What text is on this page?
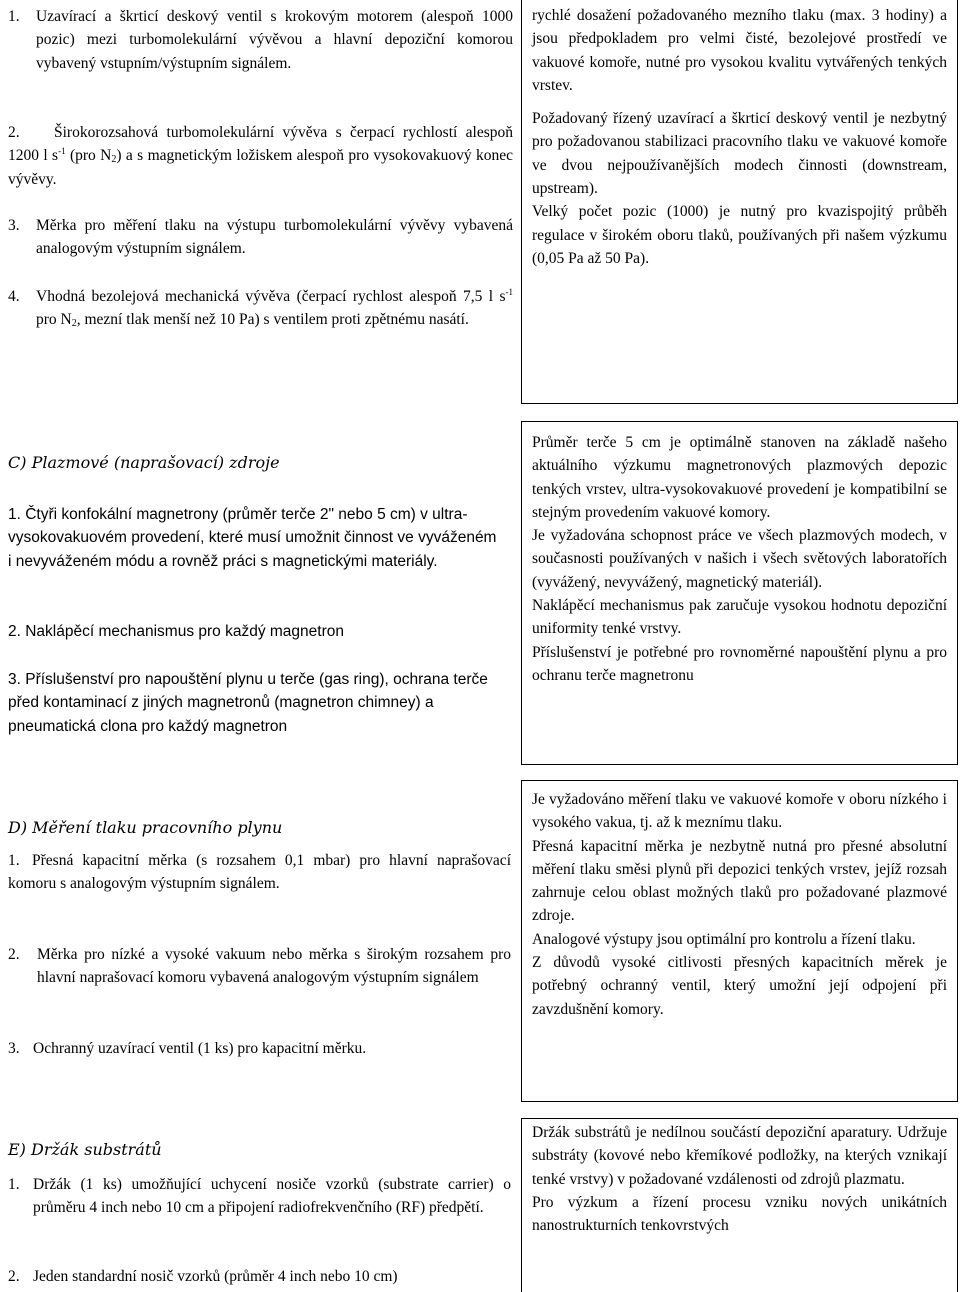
1.	Uzavírací a škrticí deskový ventil s krokovým motorem (alespoň 1000 pozic) mezi turbomolekulární vývěvou a hlavní depoziční komorou vybavený vstupním/výstupním signálem.
2.	Širokorozsahová turbomolekulární vývěva s čerpací rychlostí alespoň 1200 l $s^{-1}$ (pro $N_2$) a s magnetickým ložiskem alespoň pro vysokovakuový konec vývěvy.
3.	Měrka pro měření tlaku na výstupu turbomolekulární vývěvy vybavená analogovým výstupním signálem.
4.	Vhodná bezolejová mechanická vývěva (čerpací rychlost alespoň 7,5 l $s^{-1}$ pro $N_2$, mezní tlak menší než 10 Pa) s ventilem proti zpětnému nasátí.

rychlé dosažení požadovaného mezního tlaku (max. 3 hodiny) a jsou předpokladem pro velmi čisté, bezolejové prostředí ve vakuové komoře, nutné pro vysokou kvalitu vytvářených tenkých vrstev.

Požadovaný řízený uzavírací a škrticí deskový ventil je nezbytný pro požadovanou stabilizaci pracovního tlaku ve vakuové komoře ve dvou nejpoužívanějších modech činnosti (downstream, upstream).

Velký počet pozic (1000) je nutný pro kvazispojitý průběh regulace v širokém oboru tlaků, používaných při našem výzkumu (0,05 Pa až 50 Pa).

C) Plazmové (naprašovací) zdroje

1. Čtyři konfokální magnetrony (průměr terče 2" nebo 5 cm) v ultra-vysokovakuovém provedení, které musí umožnit činnost ve vyváženém i nevyváženém módu a rovněž práci s magnetickými materiály.

2. Naklápěcí mechanismus pro každý magnetron

3. Příslušenství pro napouštění plynu u terče (gas ring), ochrana terče před kontaminací z jiných magnetronů (magnetron chimney) a pneumatická clona pro každý magnetron

Průměr terče 5 cm je optimálně stanoven na základě našeho aktuálního výzkumu magnetronových plazmových depozic tenkých vrstev, ultra-vysokovakuové provedení je kompatibilní se stejným provedením vakuové komory.

Je vyžadována schopnost práce ve všech plazmových modech, v současnosti používaných v našich i všech světových laboratořích (vyvážený, nevyvážený, magnetický materiál).

Naklápěcí mechanismus pak zaručuje vysokou hodnotu depoziční uniformity tenké vrstvy.

Příslušenství je potřebné pro rovnoměrné napouštění plynu a pro ochranu terče magnetronu

D) Měření tlaku pracovního plynu
1. Přesná kapacitní měrka (s rozsahem 0,1 mbar) pro hlavní naprašovací komoru s analogovým výstupním signálem.
2.	Měrka pro nízké a vysoké vakuum nebo měrka s širokým rozsahem pro hlavní naprašovací komoru vybavená analogovým výstupním signálem
3. Ochranný uzavírací ventil (1 ks) pro kapacitní měrku.

Je vyžadováno měření tlaku ve vakuové komoře v oboru nízkého i vysokého vakua, tj. až k meznímu tlaku.

Přesná kapacitní měrka je nezbytně nutná pro přesné absolutní měření tlaku směsi plynů při depozici tenkých vrstev, jejíž rozsah zahrnuje celou oblast možných tlaků pro požadované plazmové zdroje.

Analogové výstupy jsou optimální pro kontrolu a řízení tlaku.

Z důvodů vysoké citlivosti přesných kapacitních měrek je potřebný ochranný ventil, který umožní její odpojení při zavzdušnění komory.

E) Držák substrátů
1. Držák (1 ks) umožňující uchycení nosiče vzorků (substrate carrier) o průměru 4 inch nebo 10 cm a připojení radiofrekvenčního (RF) předpětí.
2. Jeden standardní nosič vzorků (průměr 4 inch nebo 10 cm)

Držák substrátů je nedílnou součástí depoziční aparatury. Udržuje substráty (kovové nebo křemíkové podložky, na kterých vznikají tenké vrstvy) v požadované vzdálenosti od zdrojů plazmatu.

Pro výzkum a řízení procesu vzniku nových unikátních nanostrukturních tenkovrstvých
